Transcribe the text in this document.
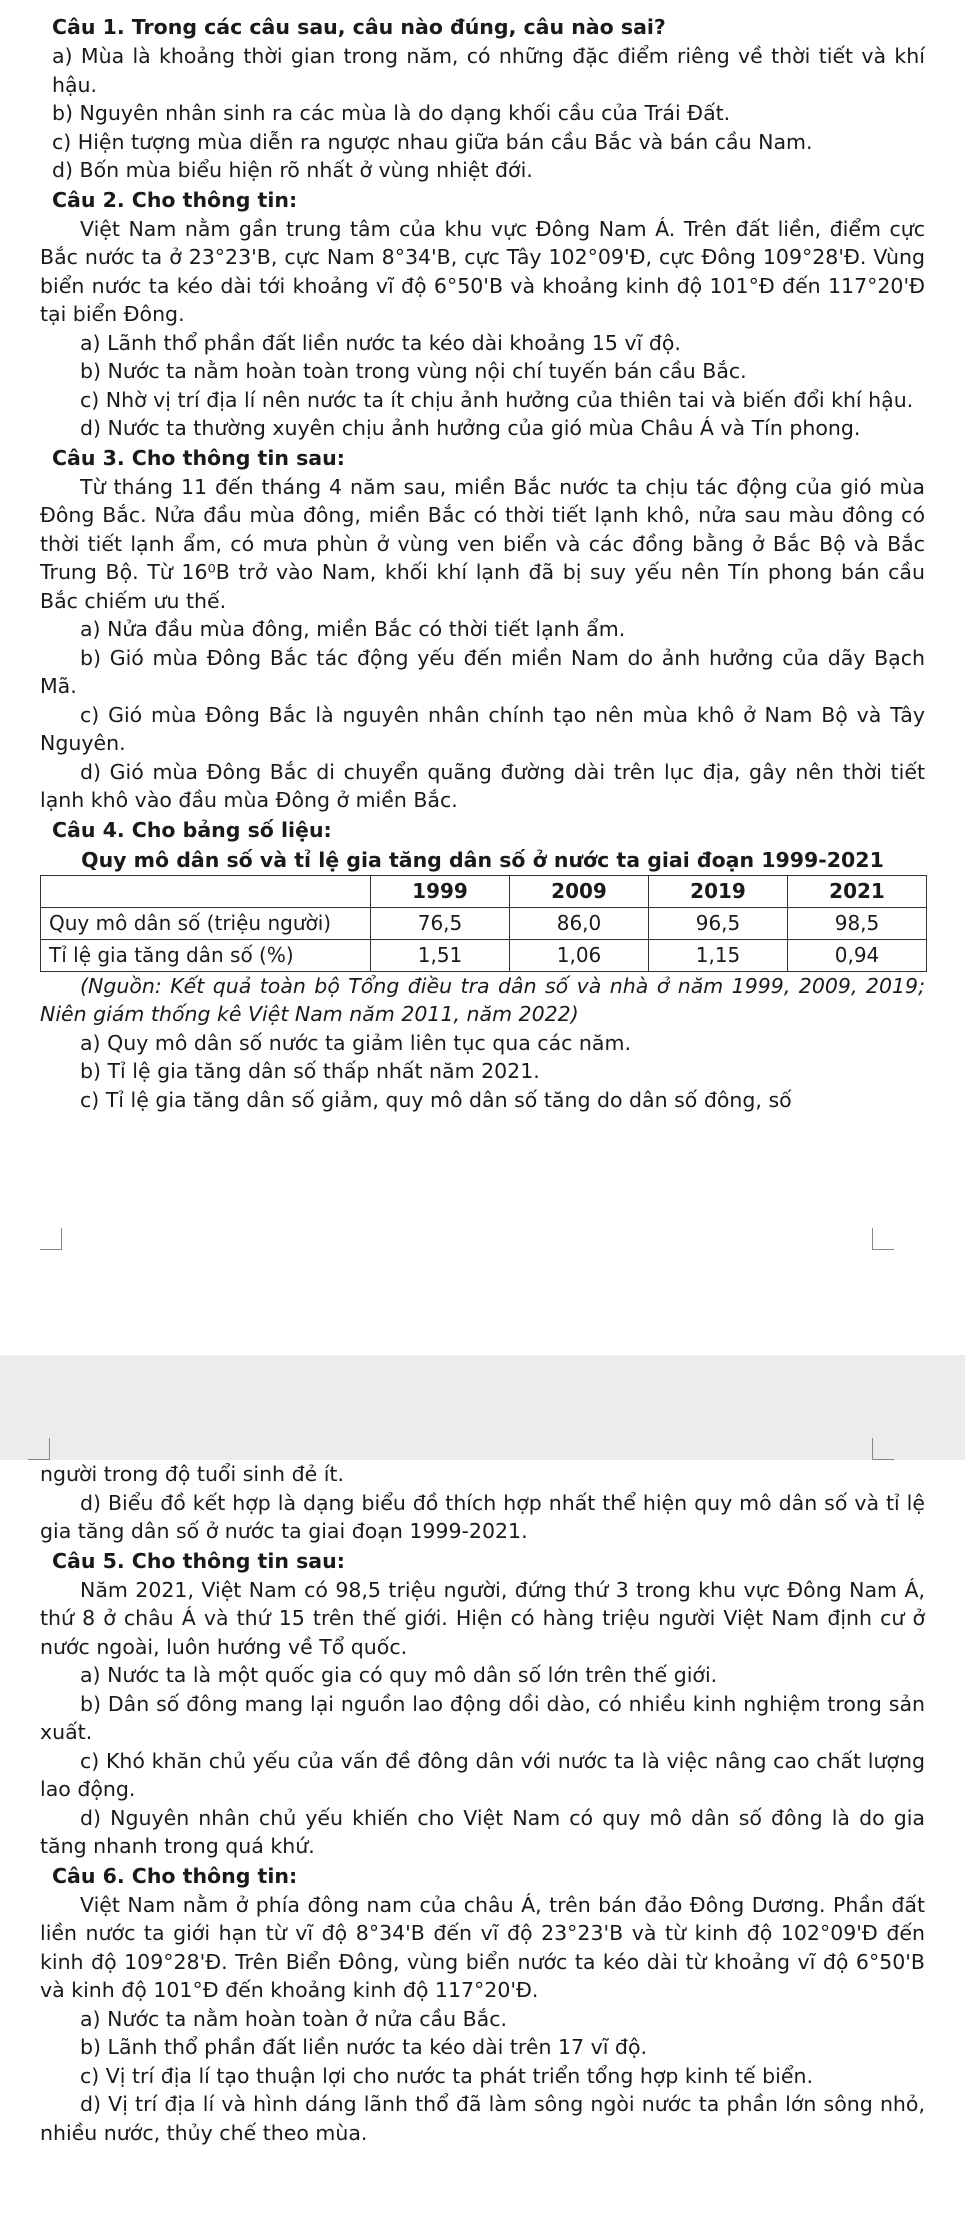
Câu 1. Trong các câu sau, câu nào đúng, câu nào sai?
a) Mùa là khoảng thời gian trong năm, có những đặc điểm riêng về thời tiết và khí hậu.
b) Nguyên nhân sinh ra các mùa là do dạng khối cầu của Trái Đất.
c) Hiện tượng mùa diễn ra ngược nhau giữa bán cầu Bắc và bán cầu Nam.
d) Bốn mùa biểu hiện rõ nhất ở vùng nhiệt đới.
Câu 2. Cho thông tin:
Việt Nam nằm gần trung tâm của khu vực Đông Nam Á. Trên đất liền, điểm cực Bắc nước ta ở 23°23'B, cực Nam 8°34'B, cực Tây 102°09'Đ, cực Đông 109°28'Đ. Vùng biển nước ta kéo dài tới khoảng vĩ độ 6°50'B và khoảng kinh độ 101°Đ đến 117°20'Đ tại biển Đông.
a) Lãnh thổ phần đất liền nước ta kéo dài khoảng 15 vĩ độ.
b) Nước ta nằm hoàn toàn trong vùng nội chí tuyến bán cầu Bắc.
c) Nhờ vị trí địa lí nên nước ta ít chịu ảnh hưởng của thiên tai và biến đổi khí hậu.
d) Nước ta thường xuyên chịu ảnh hưởng của gió mùa Châu Á và Tín phong.
Câu 3. Cho thông tin sau:
Từ tháng 11 đến tháng 4 năm sau, miền Bắc nước ta chịu tác động của gió mùa Đông Bắc. Nửa đầu mùa đông, miền Bắc có thời tiết lạnh khô, nửa sau màu đông có thời tiết lạnh ẩm, có mưa phùn ở vùng ven biển và các đồng bằng ở Bắc Bộ và Bắc Trung Bộ. Từ 16⁰B trở vào Nam, khối khí lạnh đã bị suy yếu nên Tín phong bán cầu Bắc chiếm ưu thế.
a) Nửa đầu mùa đông, miền Bắc có thời tiết lạnh ẩm.
b) Gió mùa Đông Bắc tác động yếu đến miền Nam do ảnh hưởng của dãy Bạch Mã.
c) Gió mùa Đông Bắc là nguyên nhân chính tạo nên mùa khô ở Nam Bộ và Tây Nguyên.
d) Gió mùa Đông Bắc di chuyển quãng đường dài trên lục địa, gây nên thời tiết lạnh khô vào đầu mùa Đông ở miền Bắc.
Câu 4. Cho bảng số liệu:
Quy mô dân số và tỉ lệ gia tăng dân số ở nước ta giai đoạn 1999-2021
	1999	2009	2019	2021
Quy mô dân số (triệu người)	76,5	86,0	96,5	98,5
Tỉ lệ gia tăng dân số (%)	1,51	1,06	1,15	0,94
(Nguồn: Kết quả toàn bộ Tổng điều tra dân số và nhà ở năm 1999, 2009, 2019; Niên giám thống kê Việt Nam năm 2011, năm 2022)
a) Quy mô dân số nước ta giảm liên tục qua các năm.
b) Tỉ lệ gia tăng dân số thấp nhất năm 2021.
c) Tỉ lệ gia tăng dân số giảm, quy mô dân số tăng do dân số đông, số
người trong độ tuổi sinh đẻ ít.
d) Biểu đồ kết hợp là dạng biểu đồ thích hợp nhất thể hiện quy mô dân số và tỉ lệ gia tăng dân số ở nước ta giai đoạn 1999-2021.
Câu 5. Cho thông tin sau:
Năm 2021, Việt Nam có 98,5 triệu người, đứng thứ 3 trong khu vực Đông Nam Á, thứ 8 ở châu Á và thứ 15 trên thế giới. Hiện có hàng triệu người Việt Nam định cư ở nước ngoài, luôn hướng về Tổ quốc.
a) Nước ta là một quốc gia có quy mô dân số lớn trên thế giới.
b) Dân số đông mang lại nguồn lao động dồi dào, có nhiều kinh nghiệm trong sản xuất.
c) Khó khăn chủ yếu của vấn đề đông dân với nước ta là việc nâng cao chất lượng lao động.
d) Nguyên nhân chủ yếu khiến cho Việt Nam có quy mô dân số đông là do gia tăng nhanh trong quá khứ.
Câu 6. Cho thông tin:
Việt Nam nằm ở phía đông nam của châu Á, trên bán đảo Đông Dương. Phần đất liền nước ta giới hạn từ vĩ độ 8°34'B đến vĩ độ 23°23'B và từ kinh độ 102°09'Đ đến kinh độ 109°28'Đ. Trên Biển Đông, vùng biển nước ta kéo dài từ khoảng vĩ độ 6°50'B và kinh độ 101°Đ đến khoảng kinh độ 117°20'Đ.
a) Nước ta nằm hoàn toàn ở nửa cầu Bắc.
b) Lãnh thổ phần đất liền nước ta kéo dài trên 17 vĩ độ.
c) Vị trí địa lí tạo thuận lợi cho nước ta phát triển tổng hợp kinh tế biển.
d) Vị trí địa lí và hình dáng lãnh thổ đã làm sông ngòi nước ta phần lớn sông nhỏ, nhiều nước, thủy chế theo mùa.
